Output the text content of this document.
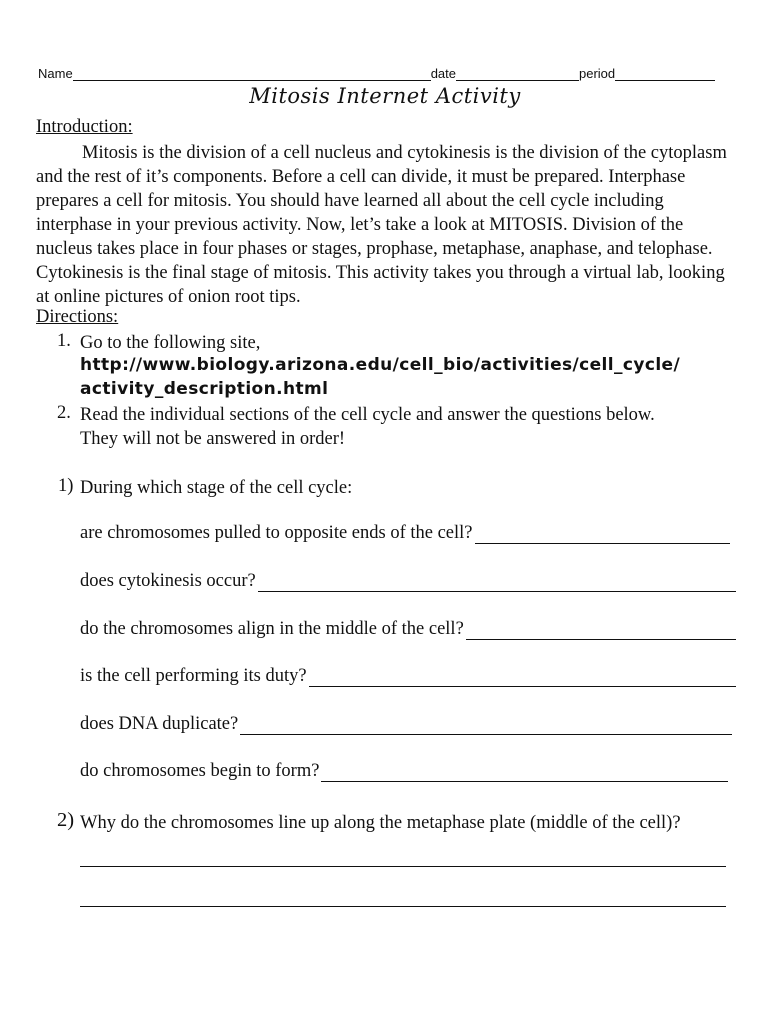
Name	date	period
Mitosis Internet Activity
Introduction:

Mitosis is the division of a cell nucleus and cytokinesis is the division of the cytoplasm and the rest of it’s components. Before a cell can divide, it must be prepared. Interphase prepares a cell for mitosis. You should have learned all about the cell cycle including interphase in your previous activity. Now, let’s take a look at MITOSIS. Division of the nucleus takes place in four phases or stages, prophase, metaphase, anaphase, and telophase. Cytokinesis is the final stage of mitosis. This activity takes you through a virtual lab, looking at online pictures of onion root tips.

Directions:
1. Go to the following site,
http://www.biology.arizona.edu/cell_bio/activities/cell_cycle/
activity_description.html
2. Read the individual sections of the cell cycle and answer the questions below.
They will not be answered in order!
1) During which stage of the cell cycle:
are chromosomes pulled to opposite ends of the cell?
does cytokinesis occur?
do the chromosomes align in the middle of the cell?
is the cell performing its duty?
does DNA duplicate?
do chromosomes begin to form?
2) Why do the chromosomes line up along the metaphase plate (middle of the cell)?
